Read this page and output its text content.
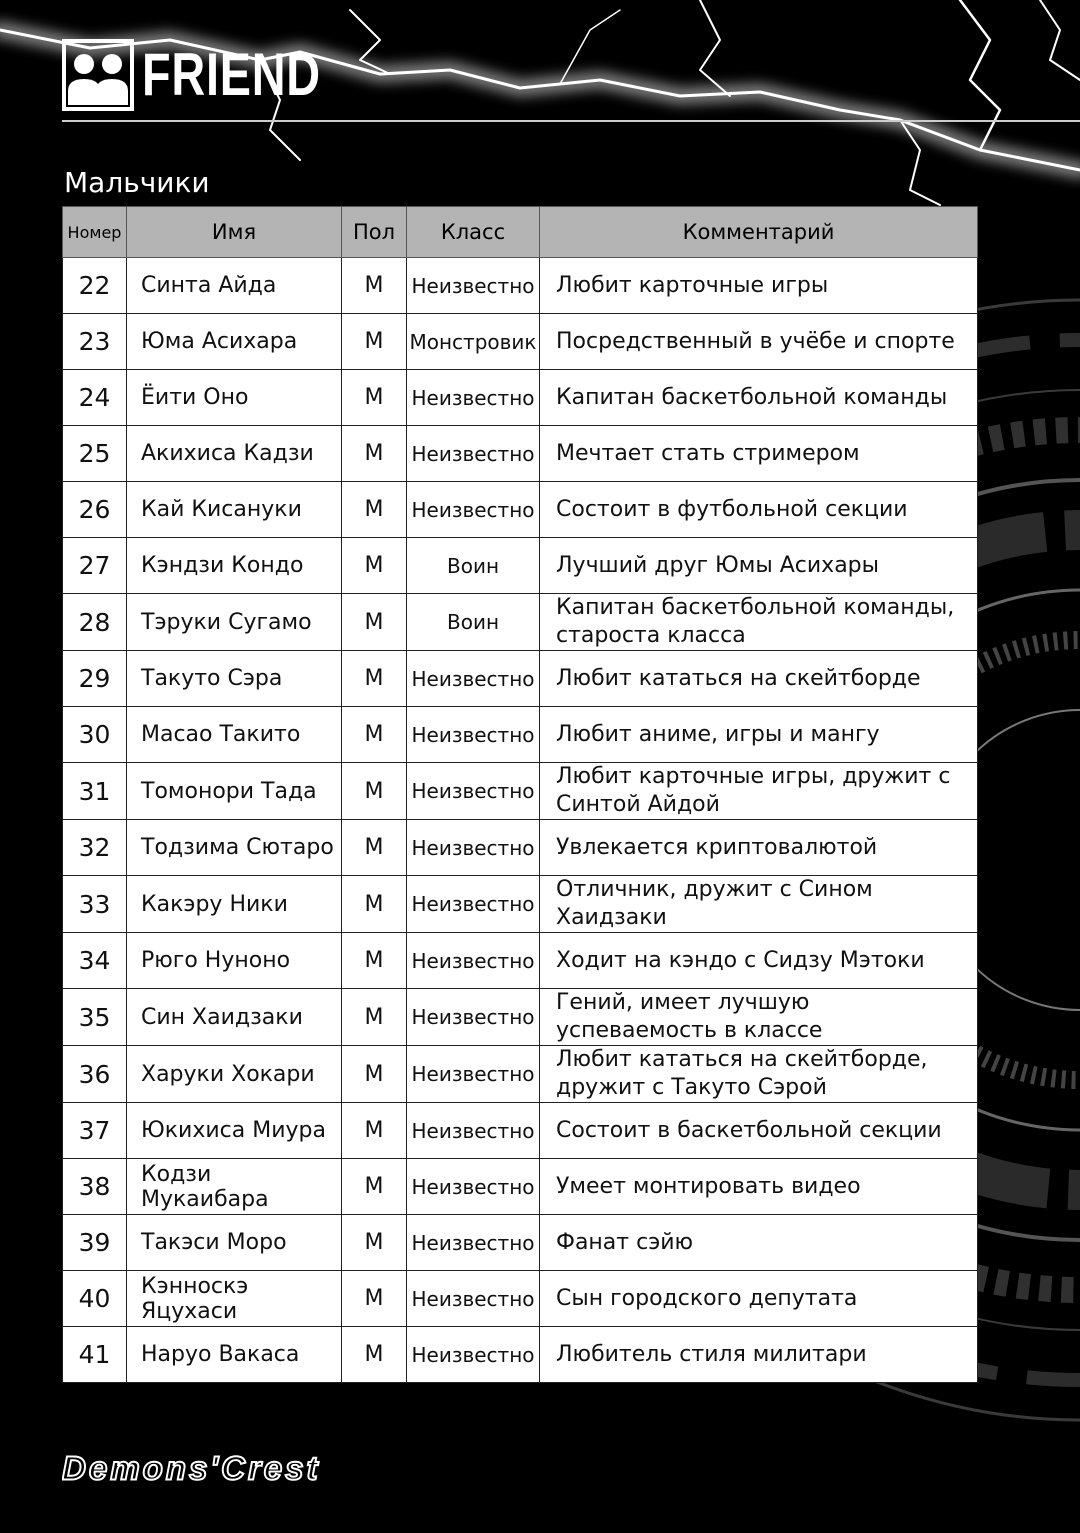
FRIEND
Мальчики
Номер	Имя	Пол	Класс	Комментарий
22	Синта Айда	М	Неизвестно	Любит карточные игры
23	Юма Асихара	М	Монстровик	Посредственный в учёбе и спорте
24	Ёити Оно	М	Неизвестно	Капитан баскетбольной команды
25	Акихиса Кадзи	М	Неизвестно	Мечтает стать стримером
26	Кай Кисануки	М	Неизвестно	Состоит в футбольной секции
27	Кэндзи Кондо	М	Воин	Лучший друг Юмы Асихары
28	Тэруки Сугамо	М	Воин	Капитан баскетбольной команды, староста класса
29	Такуто Сэра	М	Неизвестно	Любит кататься на скейтборде
30	Масао Такито	М	Неизвестно	Любит аниме, игры и мангу
31	Томонори Тада	М	Неизвестно	Любит карточные игры, дружит с Синтой Айдой
32	Тодзима Сютаро	М	Неизвестно	Увлекается криптовалютой
33	Какэру Ники	М	Неизвестно	Отличник, дружит с Сином Хаидзаки
34	Рюго Нуноно	М	Неизвестно	Ходит на кэндо с Сидзу Мэтоки
35	Син Хаидзаки	М	Неизвестно	Гений, имеет лучшую успеваемость в классе
36	Харуки Хокари	М	Неизвестно	Любит кататься на скейтборде, дружит с Такуто Сэрой
37	Юкихиса Миура	М	Неизвестно	Состоит в баскетбольной секции
38	Кодзи Мукаибара	М	Неизвестно	Умеет монтировать видео
39	Такэси Моро	М	Неизвестно	Фанат сэйю
40	Кэнноскэ Яцухаси	М	Неизвестно	Сын городского депутата
41	Наруо Вакаса	М	Неизвестно	Любитель стиля милитари
Demons'Crest
